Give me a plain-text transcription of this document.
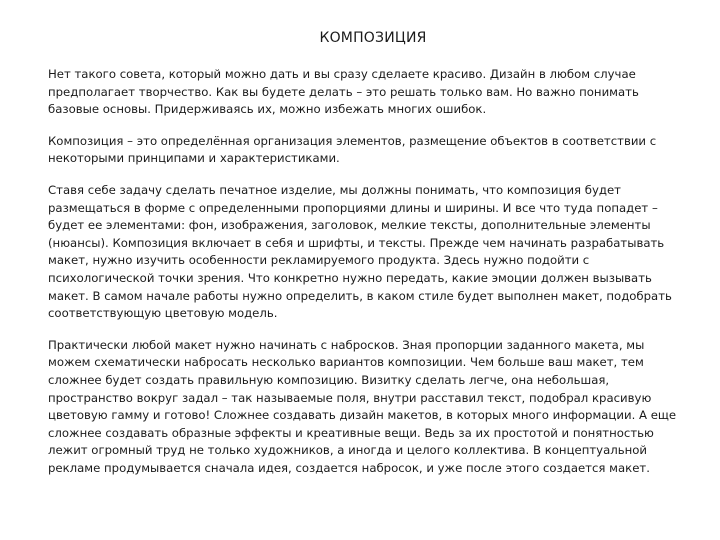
КОМПОЗИЦИЯ

Нет такого совета, который можно дать и вы сразу сделаете красиво. Дизайн в любом случае предполагает творчество. Как вы будете делать – это решать только вам. Но важно понимать базовые основы. Придерживаясь их, можно избежать многих ошибок.

Композиция – это определённая организация элементов, размещение объектов в соответствии с некоторыми принципами и характеристиками.

Ставя себе задачу сделать печатное изделие, мы должны понимать, что композиция будет размещаться в форме с определенными пропорциями длины и ширины. И все что туда попадет – будет ее элементами: фон, изображения, заголовок, мелкие тексты, дополнительные элементы (нюансы). Композиция включает в себя и шрифты, и тексты. Прежде чем начинать разрабатывать макет, нужно изучить особенности рекламируемого продукта. Здесь нужно подойти с психологической точки зрения. Что конкретно нужно передать, какие эмоции должен вызывать макет. В самом начале работы нужно определить, в каком стиле будет выполнен макет, подобрать соответствующую цветовую модель.

Практически любой макет нужно начинать с набросков. Зная пропорции заданного макета, мы можем схематически набросать несколько вариантов композиции. Чем больше ваш макет, тем сложнее будет создать правильную композицию. Визитку сделать легче, она небольшая, пространство вокруг задал – так называемые поля, внутри расставил текст, подобрал красивую цветовую гамму и готово! Сложнее создавать дизайн макетов, в которых много информации. А еще сложнее создавать образные эффекты и креативные вещи. Ведь за их простотой и понятностью лежит огромный труд не только художников, а иногда и целого коллектива. В концептуальной рекламе продумывается сначала идея, создается набросок, и уже после этого создается макет.
